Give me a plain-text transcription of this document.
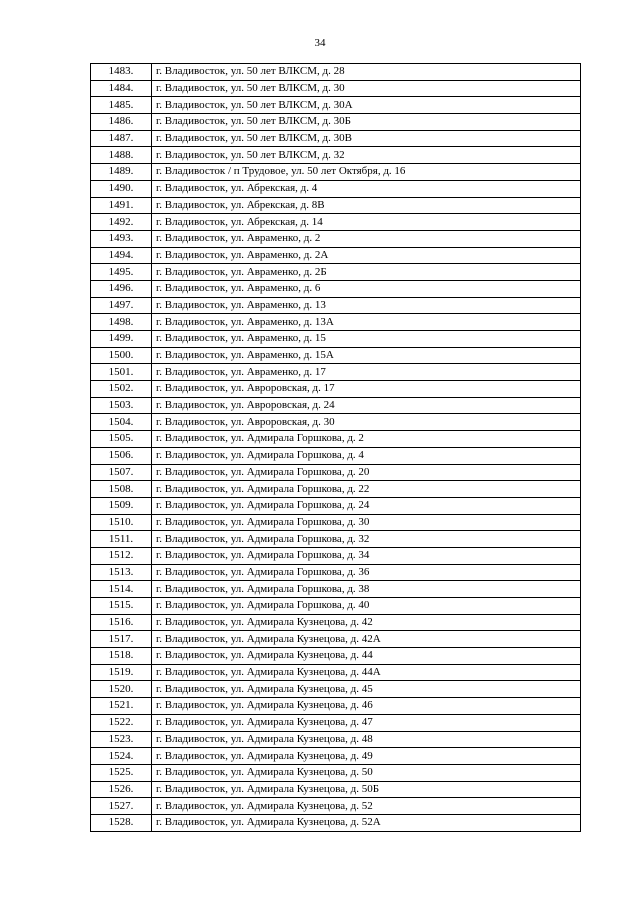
34
1483.	г. Владивосток, ул. 50 лет ВЛКСМ, д. 28
1484.	г. Владивосток, ул. 50 лет ВЛКСМ, д. 30
1485.	г. Владивосток, ул. 50 лет ВЛКСМ, д. 30А
1486.	г. Владивосток, ул. 50 лет ВЛКСМ, д. 30Б
1487.	г. Владивосток, ул. 50 лет ВЛКСМ, д. 30В
1488.	г. Владивосток, ул. 50 лет ВЛКСМ, д. 32
1489.	г. Владивосток / п Трудовое, ул. 50 лет Октября, д. 16
1490.	г. Владивосток, ул. Абрекская, д. 4
1491.	г. Владивосток, ул. Абрекская, д. 8В
1492.	г. Владивосток, ул. Абрекская, д. 14
1493.	г. Владивосток, ул. Авраменко, д. 2
1494.	г. Владивосток, ул. Авраменко, д. 2А
1495.	г. Владивосток, ул. Авраменко, д. 2Б
1496.	г. Владивосток, ул. Авраменко, д. 6
1497.	г. Владивосток, ул. Авраменко, д. 13
1498.	г. Владивосток, ул. Авраменко, д. 13А
1499.	г. Владивосток, ул. Авраменко, д. 15
1500.	г. Владивосток, ул. Авраменко, д. 15А
1501.	г. Владивосток, ул. Авраменко, д. 17
1502.	г. Владивосток, ул. Авроровская, д. 17
1503.	г. Владивосток, ул. Авроровская, д. 24
1504.	г. Владивосток, ул. Авроровская, д. 30
1505.	г. Владивосток, ул. Адмирала Горшкова, д. 2
1506.	г. Владивосток, ул. Адмирала Горшкова, д. 4
1507.	г. Владивосток, ул. Адмирала Горшкова, д. 20
1508.	г. Владивосток, ул. Адмирала Горшкова, д. 22
1509.	г. Владивосток, ул. Адмирала Горшкова, д. 24
1510.	г. Владивосток, ул. Адмирала Горшкова, д. 30
1511.	г. Владивосток, ул. Адмирала Горшкова, д. 32
1512.	г. Владивосток, ул. Адмирала Горшкова, д. 34
1513.	г. Владивосток, ул. Адмирала Горшкова, д. 36
1514.	г. Владивосток, ул. Адмирала Горшкова, д. 38
1515.	г. Владивосток, ул. Адмирала Горшкова, д. 40
1516.	г. Владивосток, ул. Адмирала Кузнецова, д. 42
1517.	г. Владивосток, ул. Адмирала Кузнецова, д. 42А
1518.	г. Владивосток, ул. Адмирала Кузнецова, д. 44
1519.	г. Владивосток, ул. Адмирала Кузнецова, д. 44А
1520.	г. Владивосток, ул. Адмирала Кузнецова, д. 45
1521.	г. Владивосток, ул. Адмирала Кузнецова, д. 46
1522.	г. Владивосток, ул. Адмирала Кузнецова, д. 47
1523.	г. Владивосток, ул. Адмирала Кузнецова, д. 48
1524.	г. Владивосток, ул. Адмирала Кузнецова, д. 49
1525.	г. Владивосток, ул. Адмирала Кузнецова, д. 50
1526.	г. Владивосток, ул. Адмирала Кузнецова, д. 50Б
1527.	г. Владивосток, ул. Адмирала Кузнецова, д. 52
1528.	г. Владивосток, ул. Адмирала Кузнецова, д. 52А
